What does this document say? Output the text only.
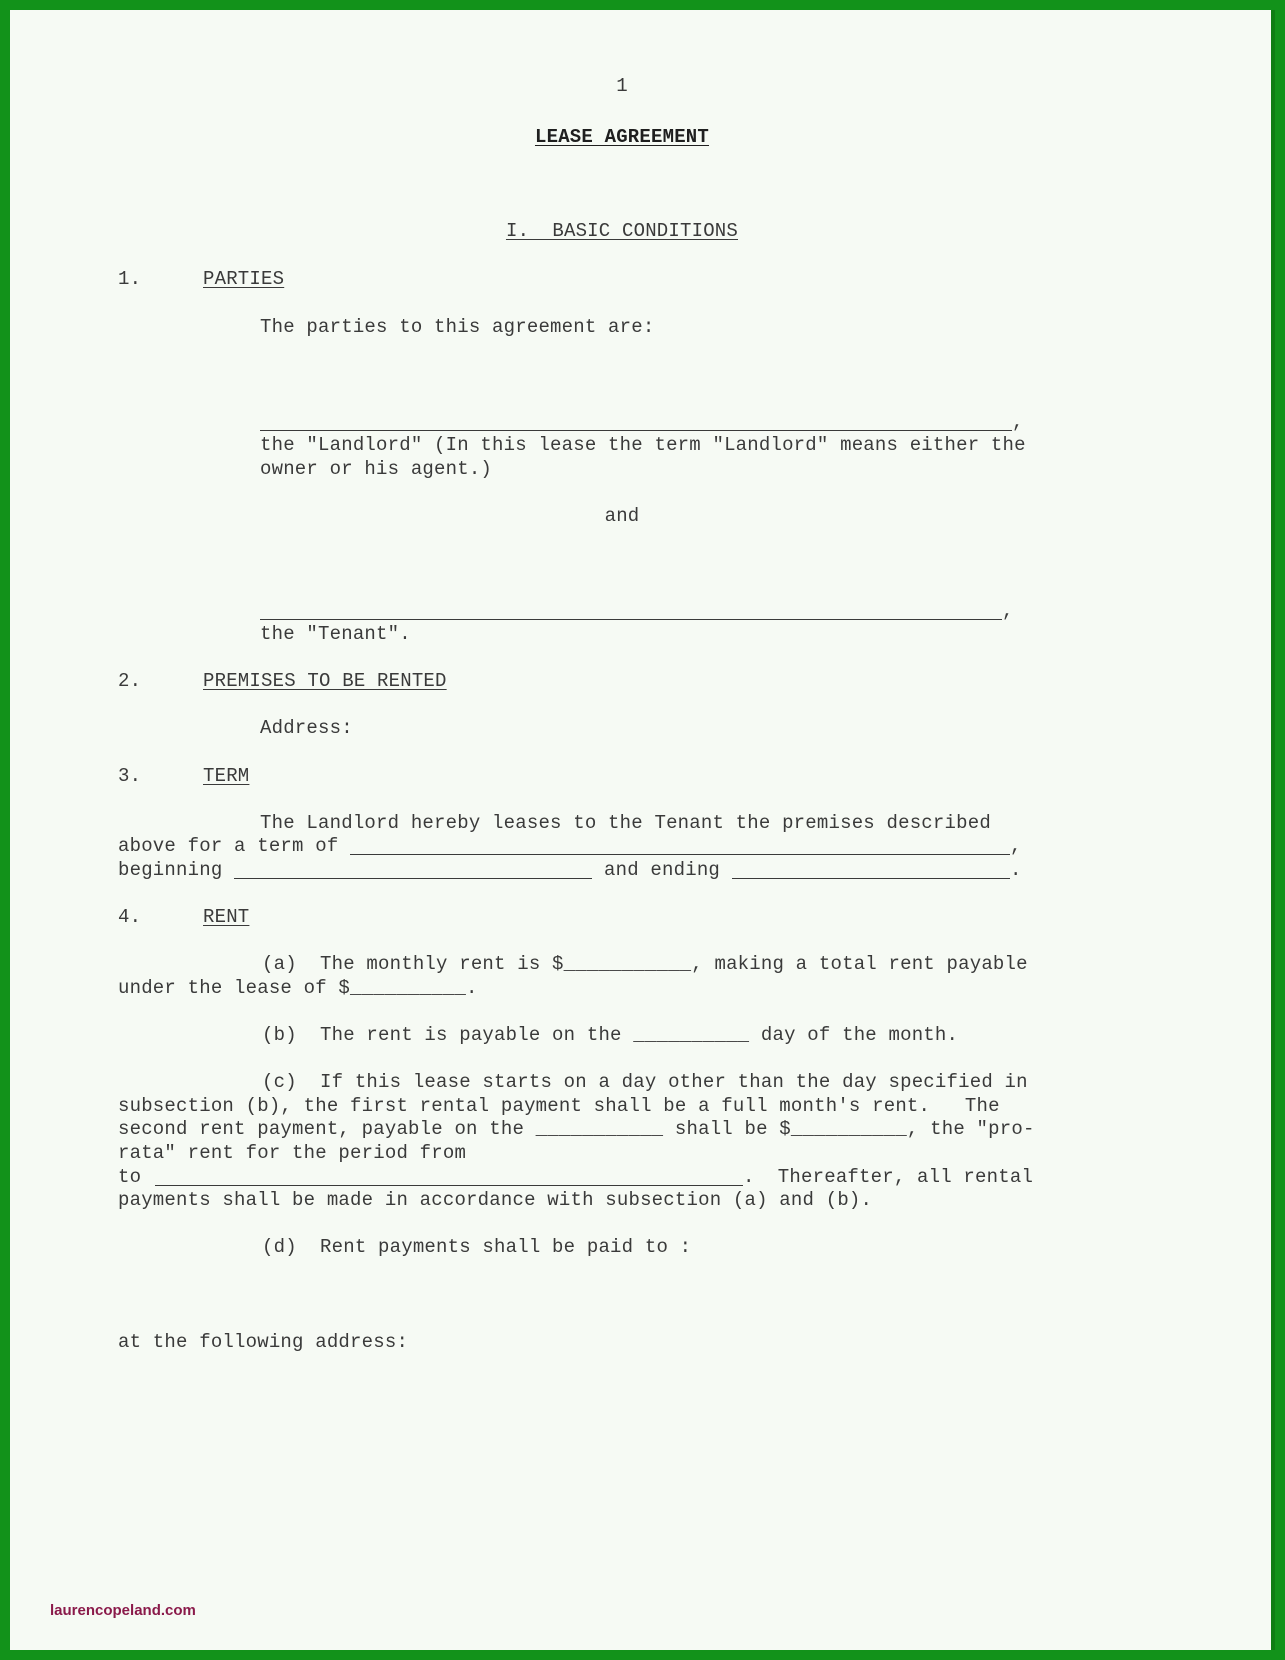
1
LEASE AGREEMENT
I.  BASIC CONDITIONS
1.	PARTIES
The parties to this agreement are:
,
the "Landlord" (In this lease the term "Landlord" means either the
owner or his agent.)
and
,
the "Tenant".
2.	PREMISES TO BE RENTED
Address:
3.	TERM
The Landlord hereby leases to the Tenant the premises described
above for a term of	,
beginning	and ending	.
4.	RENT
(a)  The monthly rent is $___________, making a total rent payable
under the lease of $__________.
(b)  The rent is payable on the __________ day of the month.
(c)  If this lease starts on a day other than the day specified in
subsection (b), the first rental payment shall be a full month's rent.   The
second rent payment, payable on the ___________ shall be $__________, the "pro-
rata" rent for the period from
to	.  Thereafter, all rental
payments shall be made in accordance with subsection (a) and (b).
(d)  Rent payments shall be paid to :
at the following address:
laurencopeland.com
